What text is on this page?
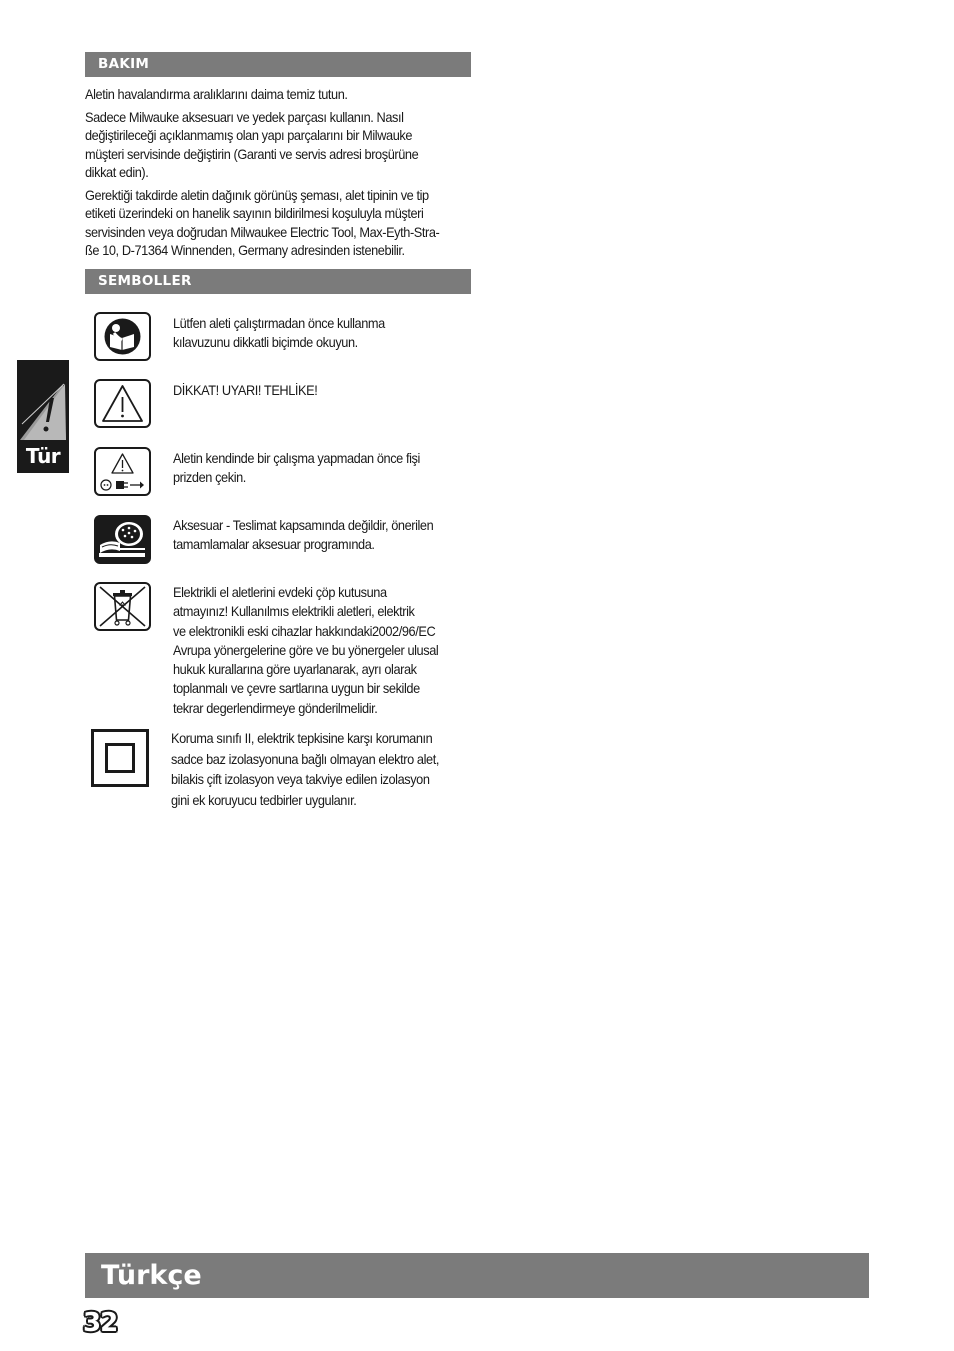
BAKIM

Aletin havalandırma aralıklarını daima temiz tutun.

Sadece Milwauke aksesuarı ve yedek parçası kullanın. Nasıl değiştirileceği açıklanmamış olan yapı parçalarını bir Milwauke müşteri servisinde değiştirin (Garanti ve servis adresi broşürüne dikkat edin).

Gerektiği takdirde aletin dağınık görünüş şeması, alet tipinin ve tip etiketi üzerindeki on hanelik sayının bildirilmesi koşuluyla müşteri servisinden veya doğrudan Milwaukee Electric Tool, Max-Eyth-Stra-ße 10, D-71364 Winnenden, Germany adresinden istenebilir.

SEMBOLLER
Lütfen aleti çalıştırmadan önce kullanma
kılavuzunu dikkatli biçimde okuyun.
DİKKAT! UYARI! TEHLİKE!
Aletin kendinde bir çalışma yapmadan önce fişi
prizden çekin.
Aksesuar - Teslimat kapsamında değildir, önerilen
tamamlamalar aksesuar programında.
Elektrikli el aletlerini evdeki çöp kutusuna
atmayınız! Kullanılmıs elektrikli aletleri, elektrik
ve elektronikli eski cihazlar hakkındaki2002/96/EC
Avrupa yönergelerine göre ve bu yönergeler ulusal
hukuk kurallarına göre uyarlanarak, ayrı olarak
toplanmalı ve çevre sartlarına uygun bir sekilde
tekrar degerlendirmeye gönderilmelidir.
Koruma sınıfı II, elektrik tepkisine karşı korumanın
sadce baz izolasyonuna bağlı olmayan elektro alet,
bilakis çift izolasyon veya takviye edilen izolasyon
gini ek koruyucu tedbirler uygulanır.
Tür
Türkçe
32
